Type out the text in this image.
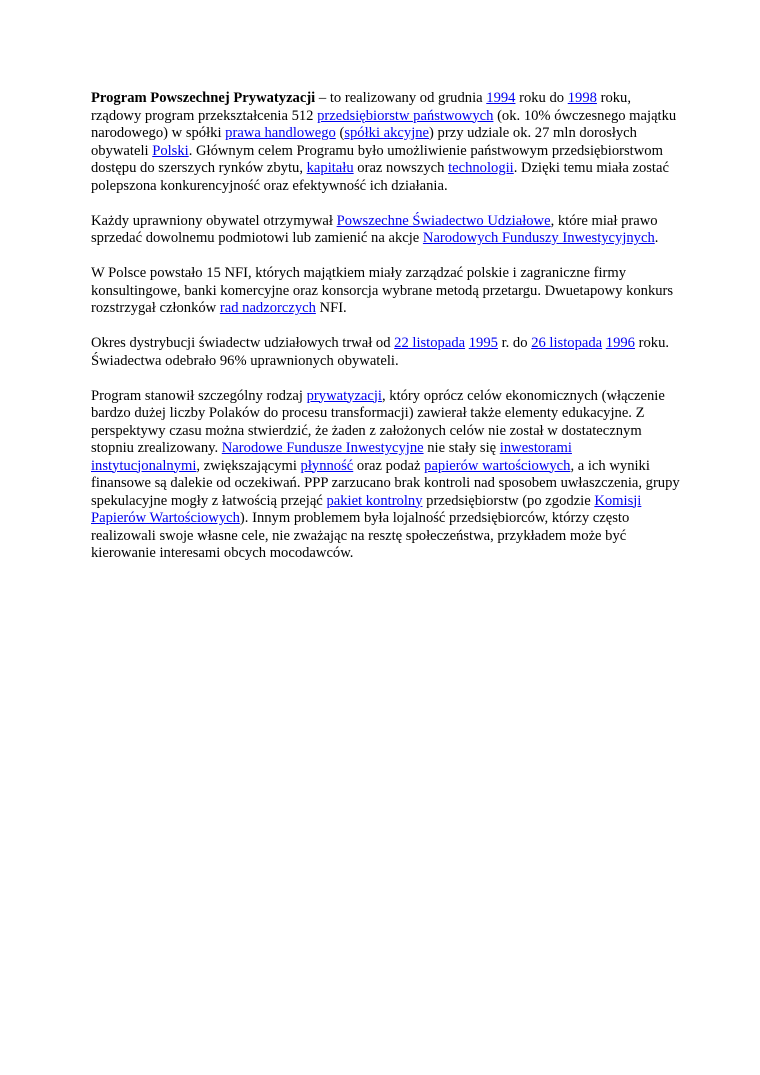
Program Powszechnej Prywatyzacji – to realizowany od grudnia 1994 roku do 1998 roku, rządowy program przekształcenia 512 przedsiębiorstw państwowych (ok. 10% ówczesnego majątku narodowego) w spółki prawa handlowego (spółki akcyjne) przy udziale ok. 27 mln dorosłych obywateli Polski. Głównym celem Programu było umożliwienie państwowym przedsiębiorstwom dostępu do szerszych rynków zbytu, kapitału oraz nowszych technologii. Dzięki temu miała zostać polepszona konkurencyjność oraz efektywność ich działania.

Każdy uprawniony obywatel otrzymywał Powszechne Świadectwo Udziałowe, które miał prawo sprzedać dowolnemu podmiotowi lub zamienić na akcje Narodowych Funduszy Inwestycyjnych.

W Polsce powstało 15 NFI, których majątkiem miały zarządzać polskie i zagraniczne firmy konsultingowe, banki komercyjne oraz konsorcja wybrane metodą przetargu. Dwuetapowy konkurs rozstrzygał członków rad nadzorczych NFI.

Okres dystrybucji świadectw udziałowych trwał od 22 listopada 1995 r. do 26 listopada 1996 roku. Świadectwa odebrało 96% uprawnionych obywateli.

Program stanowił szczególny rodzaj prywatyzacji, który oprócz celów ekonomicznych (włączenie bardzo dużej liczby Polaków do procesu transformacji) zawierał także elementy edukacyjne. Z perspektywy czasu można stwierdzić, że żaden z założonych celów nie został w dostatecznym stopniu zrealizowany. Narodowe Fundusze Inwestycyjne nie stały się inwestorami instytucjonalnymi, zwiększającymi płynność oraz podaż papierów wartościowych, a ich wyniki finansowe są dalekie od oczekiwań. PPP zarzucano brak kontroli nad sposobem uwłaszczenia, grupy spekulacyjne mogły z łatwością przejąć pakiet kontrolny przedsiębiorstw (po zgodzie Komisji Papierów Wartościowych). Innym problemem była lojalność przedsiębiorców, którzy często realizowali swoje własne cele, nie zważając na resztę społeczeństwa, przykładem może być kierowanie interesami obcych mocodawców.
